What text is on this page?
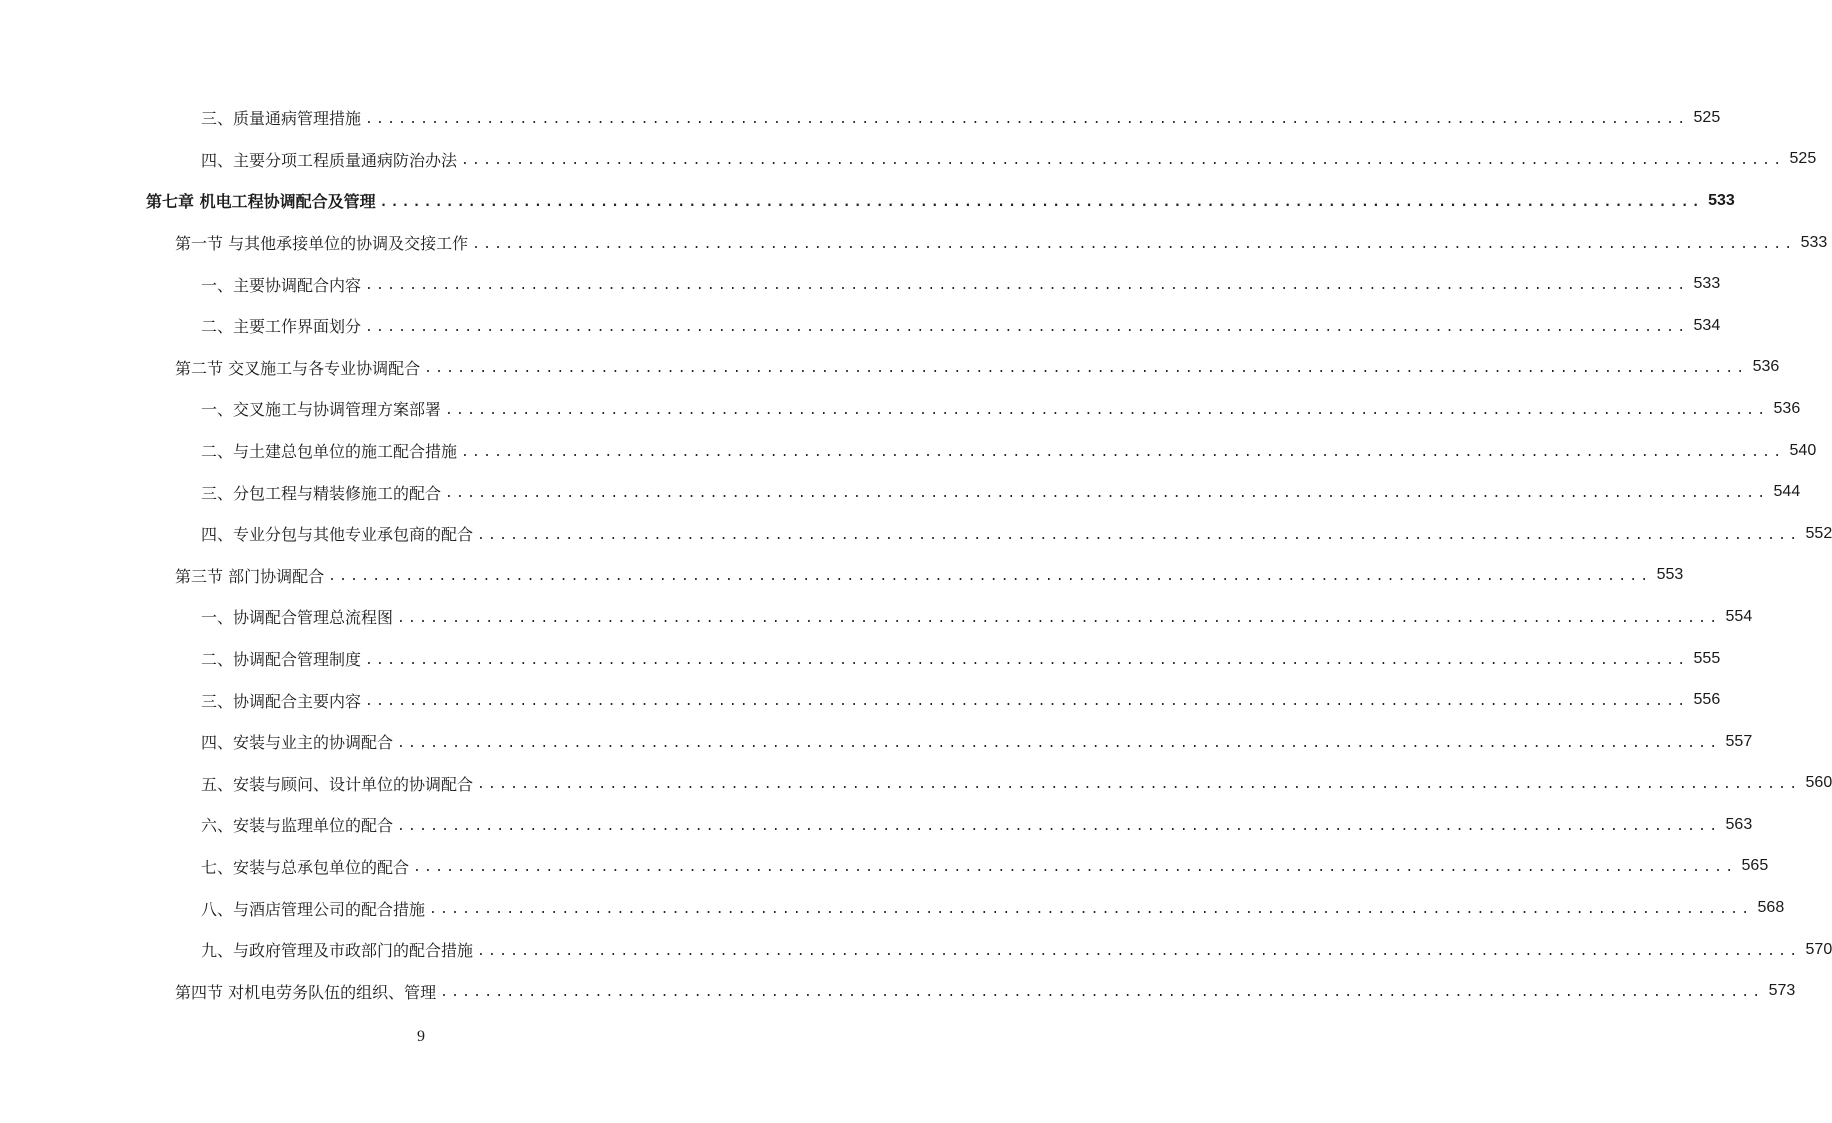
三、质量通病管理措施 ........................................................................................................................ 525
四、主要分项工程质量通病防治办法 ........................................................................................................................ 525
第七章 机电工程协调配合及管理 ........................................................................................................................ 533
第一节 与其他承接单位的协调及交接工作 ........................................................................................................................ 533
一、主要协调配合内容 ........................................................................................................................ 533
二、主要工作界面划分 ........................................................................................................................ 534
第二节 交叉施工与各专业协调配合 ........................................................................................................................ 536
一、交叉施工与协调管理方案部署 ........................................................................................................................ 536
二、与土建总包单位的施工配合措施 ........................................................................................................................ 540
三、分包工程与精装修施工的配合 ........................................................................................................................ 544
四、专业分包与其他专业承包商的配合 ........................................................................................................................ 552
第三节 部门协调配合 ........................................................................................................................ 553
一、协调配合管理总流程图 ........................................................................................................................ 554
二、协调配合管理制度 ........................................................................................................................ 555
三、协调配合主要内容 ........................................................................................................................ 556
四、安装与业主的协调配合 ........................................................................................................................ 557
五、安装与顾问、设计单位的协调配合 ........................................................................................................................ 560
六、安装与监理单位的配合 ........................................................................................................................ 563
七、安装与总承包单位的配合 ........................................................................................................................ 565
八、与酒店管理公司的配合措施 ........................................................................................................................ 568
九、与政府管理及市政部门的配合措施 ........................................................................................................................ 570
第四节 对机电劳务队伍的组织、管理 ........................................................................................................................ 573
9
